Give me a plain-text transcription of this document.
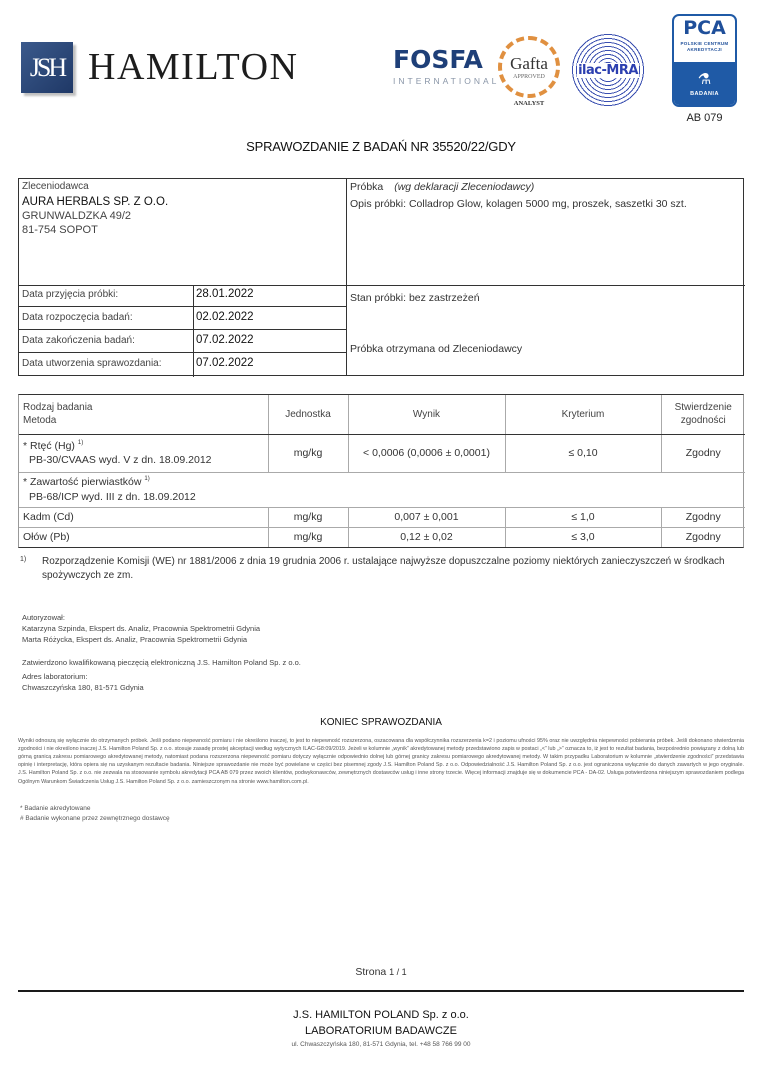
JSH HAMILTON	FOSFA
INTERNATIONAL
Gafta
APPROVED
ANALYST
ilac-MRA
PCA
POLSKIE CENTRUM
AKREDYTACJI
⚗
BADANIA
AB 079
SPRAWOZDANIE Z BADAŃ NR 35520/22/GDY
Zleceniodawca
AURA HERBALS SP. Z O.O.
GRUNWALDZKA 49/2
81-754 SOPOT
Próbka (wg deklaracji Zleceniodawcy)
Opis próbki: Colladrop Glow, kolagen 5000 mg, proszek, saszetki 30 szt.
Stan próbki: bez zastrzeżeń
Próbka otrzymana od Zleceniodawcy
Data przyjęcia próbki:	28.01.2022
Data rozpoczęcia badań:	02.02.2022
Data zakończenia badań:	07.02.2022
Data utworzenia sprawozdania:	07.02.2022
Rodzaj badania
Metoda	Jednostka	Wynik	Kryterium	Stwierdzenie
zgodności

* Rtęć (Hg) $^{1)}$
PB-30/CVAAS wyd. V z dn. 18.09.2012	mg/kg	< 0,0006 (0,0006 ± 0,0001)	≤ 0,10	Zgodny
* Zawartość pierwiastków $^{1)}$
PB-68/ICP wyd. III z dn. 18.09.2012				

Kadm (Cd)	mg/kg	0,007 ± 0,001	≤ 1,0	Zgodny
Ołów (Pb)	mg/kg	0,12 ± 0,02	≤ 3,0	Zgodny
1)	Rozporządzenie Komisji (WE) nr 1881/2006 z dnia 19 grudnia 2006 r. ustalające najwyższe dopuszczalne poziomy niektórych zanieczyszczeń w środkach spożywczych ze zm.
Autoryzował:
Katarzyna Szpinda, Ekspert ds. Analiz, Pracownia Spektrometrii Gdynia
Marta Różycka, Ekspert ds. Analiz, Pracownia Spektrometrii Gdynia
Zatwierdzono kwalifikowaną pieczęcią elektroniczną J.S. Hamilton Poland Sp. z o.o.
Adres laboratorium:
Chwaszczyńska 180, 81-571 Gdynia
KONIEC SPRAWOZDANIA
Wyniki odnoszą się wyłącznie do otrzymanych próbek. Jeśli podano niepewność pomiaru i nie określono inaczej, to jest to niepewność rozszerzona, oszacowana dla współczynnika rozszerzenia k=2 i poziomu ufności 95% oraz nie uwzględnia niepewności pobierania próbek. Jeśli dokonano stwierdzenia zgodności i nie określono inaczej J.S. Hamilton Poland Sp. z o.o. stosuje zasadę prostej akceptacji według wytycznych ILAC-G8:09/2019. Jeżeli w kolumnie „wynik” akredytowanej metody przedstawiono zapis w postaci „<” lub „>” oznacza to, iż jest to rezultat badania, bezpośrednio powiązany z dolną lub górną granicą zakresu pomiarowego akredytowanej metody, natomiast podana rozszerzona niepewność pomiaru dotyczy wyłącznie odpowiednio dolnej lub górnej granicy zakresu pomiarowego akredytowanej metody. W takim przypadku Laboratorium w kolumnie „stwierdzenie zgodności” przedstawia opinię i interpretację, która opiera się na uzyskanym rezultacie badania. Niniejsze sprawozdanie nie może być powielane w części bez pisemnej zgody J.S. Hamilton Poland Sp. z o.o. Odpowiedzialność J.S. Hamilton Poland Sp. z o.o. jest ograniczona wyłącznie do danych zawartych w jego oryginale. J.S. Hamilton Poland Sp. z o.o. nie zezwala na stosowanie symbolu akredytacji PCA AB 079 przez swoich klientów, podwykonawców, zewnętrznych dostawców usług i inne strony trzecie. Więcej informacji znajduje się w dokumencie PCA - DA-02. Usługa potwierdzona niniejszym sprawozdaniem podlega Ogólnym Warunkom Świadczenia Usług J.S. Hamilton Poland Sp. z o.o. zamieszczonym na stronie www.hamilton.com.pl.
* Badanie akredytowane
# Badanie wykonane przez zewnętrznego dostawcę
Strona 1 / 1
J.S. HAMILTON POLAND Sp. z o.o.
LABORATORIUM BADAWCZE
ul. Chwaszczyńska 180, 81-571 Gdynia, tel. +48 58 766 99 00
